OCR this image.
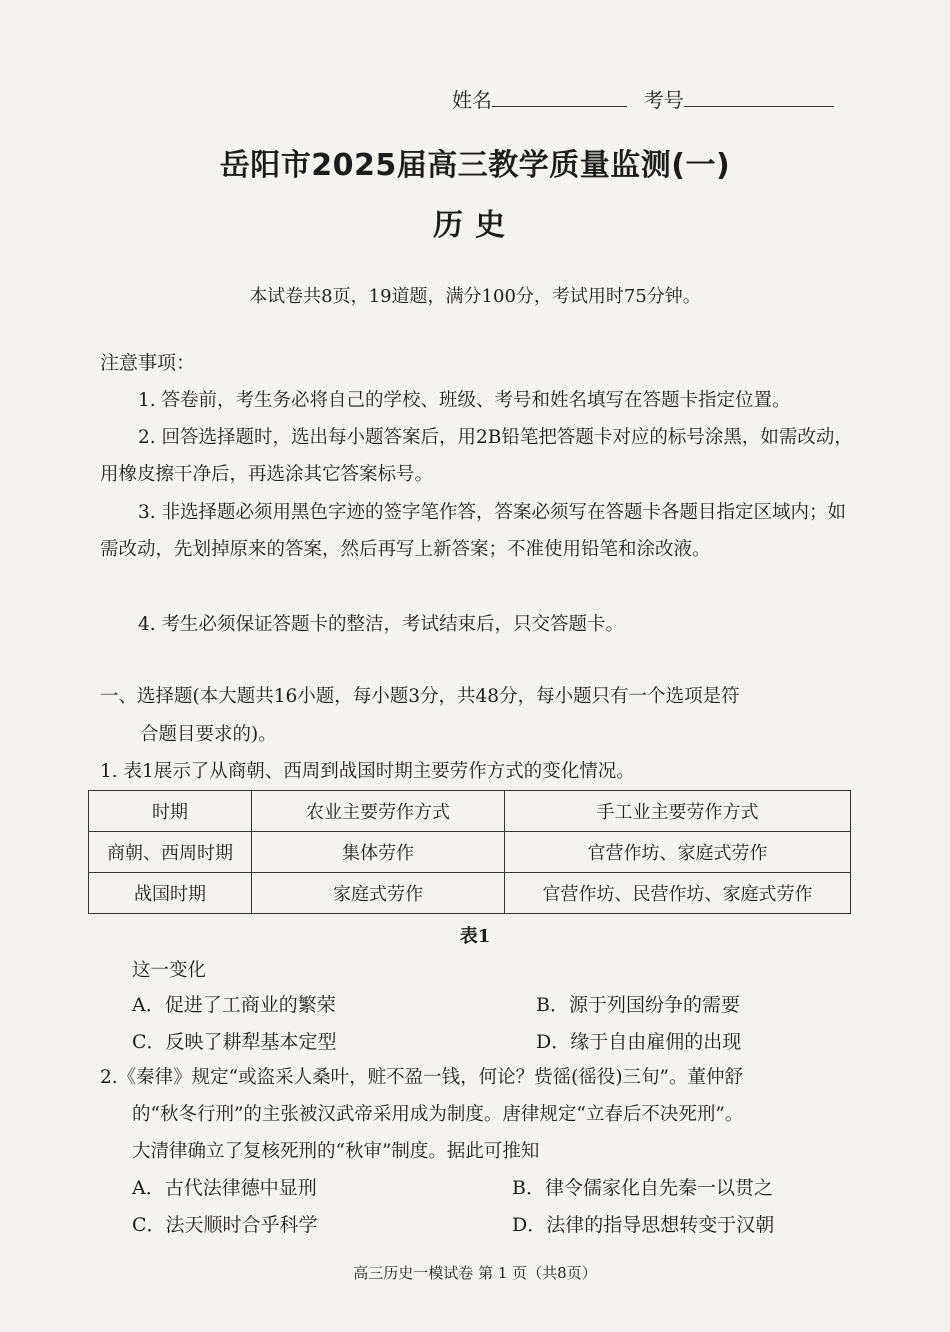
姓名	考号
岳阳市2025届高三教学质量监测(一)
历史
本试卷共8页，19道题，满分100分，考试用时75分钟。
注意事项：
1. 答卷前，考生务必将自己的学校、班级、考号和姓名填写在答题卡指定位置。
2. 回答选择题时，选出每小题答案后，用2B铅笔把答题卡对应的标号涂黑，如需改动，用橡皮擦干净后，再选涂其它答案标号。
3. 非选择题必须用黑色字迹的签字笔作答，答案必须写在答题卡各题目指定区域内；如需改动，先划掉原来的答案，然后再写上新答案；不准使用铅笔和涂改液。
4. 考生必须保证答题卡的整洁，考试结束后，只交答题卡。
一、选择题(本大题共16小题，每小题3分，共48分，每小题只有一个选项是符
合题目要求的)。
1. 表1展示了从商朝、西周到战国时期主要劳作方式的变化情况。
时期	农业主要劳作方式	手工业主要劳作方式
商朝、西周时期	集体劳作	官营作坊、家庭式劳作
战国时期	家庭式劳作	官营作坊、民营作坊、家庭式劳作
表1
这一变化
A．促进了工商业的繁荣	B．源于列国纷争的需要
C．反映了耕犁基本定型	D．缘于自由雇佣的出现
2.《秦律》规定“或盗采人桑叶，赃不盈一钱，何论？赀徭(徭役)三旬”。董仲舒
的“秋冬行刑”的主张被汉武帝采用成为制度。唐律规定“立春后不决死刑”。
大清律确立了复核死刑的“秋审”制度。据此可推知
A．古代法律德中显刑	B．律令儒家化自先秦一以贯之
C．法天顺时合乎科学	D．法律的指导思想转变于汉朝
高三历史一模试卷 第 1 页（共8页）
